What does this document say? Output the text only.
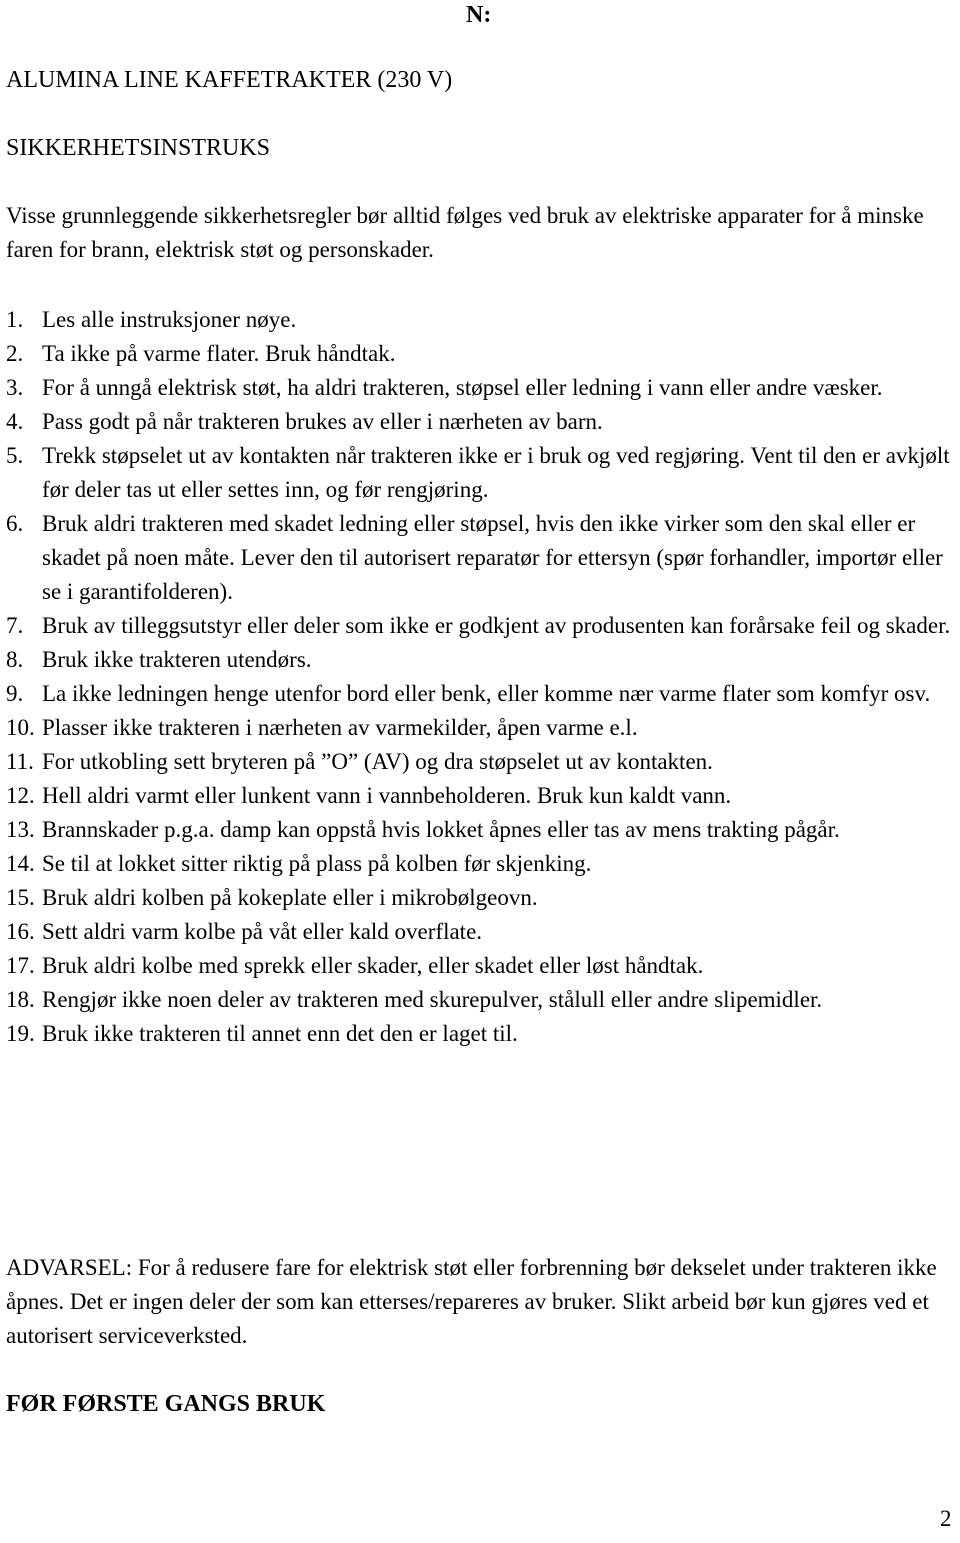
N:
ALUMINA LINE KAFFETRAKTER (230 V)
SIKKERHETSINSTRUKS

Visse grunnleggende sikkerhetsregler bør alltid følges ved bruk av elektriske apparater for å minske faren for brann, elektrisk støt og personskader.

1. Les alle instruksjoner nøye.
2. Ta ikke på varme flater. Bruk håndtak.
3. For å unngå elektrisk støt, ha aldri trakteren, støpsel eller ledning i vann eller andre væsker.
4. Pass godt på når trakteren brukes av eller i nærheten av barn.
5. Trekk støpselet ut av kontakten når trakteren ikke er i bruk og ved regjøring. Vent til den er avkjølt før deler tas ut eller settes inn, og før rengjøring.
6. Bruk aldri trakteren med skadet ledning eller støpsel, hvis den ikke virker som den skal eller er skadet på noen måte. Lever den til autorisert reparatør for ettersyn (spør forhandler, importør eller se i garantifolderen).
7. Bruk av tilleggsutstyr eller deler som ikke er godkjent av produsenten kan forårsake feil og skader.
8. Bruk ikke trakteren utendørs.
9. La ikke ledningen henge utenfor bord eller benk, eller komme nær varme flater som komfyr osv.
10. Plasser ikke trakteren i nærheten av varmekilder, åpen varme e.l.
11. For utkobling sett bryteren på ”O” (AV) og dra støpselet ut av kontakten.
12. Hell aldri varmt eller lunkent vann i vannbeholderen. Bruk kun kaldt vann.
13. Brannskader p.g.a. damp kan oppstå hvis lokket åpnes eller tas av mens trakting pågår.
14. Se til at lokket sitter riktig på plass på kolben før skjenking.
15. Bruk aldri kolben på kokeplate eller i mikrobølgeovn.
16. Sett aldri varm kolbe på våt eller kald overflate.
17. Bruk aldri kolbe med sprekk eller skader, eller skadet eller løst håndtak.
18. Rengjør ikke noen deler av trakteren med skurepulver, stålull eller andre slipemidler.
19. Bruk ikke trakteren til annet enn det den er laget til.

ADVARSEL: For å redusere fare for elektrisk støt eller forbrenning bør dekselet under trakteren ikke åpnes. Det er ingen deler der som kan etterses/repareres av bruker. Slikt arbeid bør kun gjøres ved et autorisert serviceverksted.

FØR FØRSTE GANGS BRUK
2
